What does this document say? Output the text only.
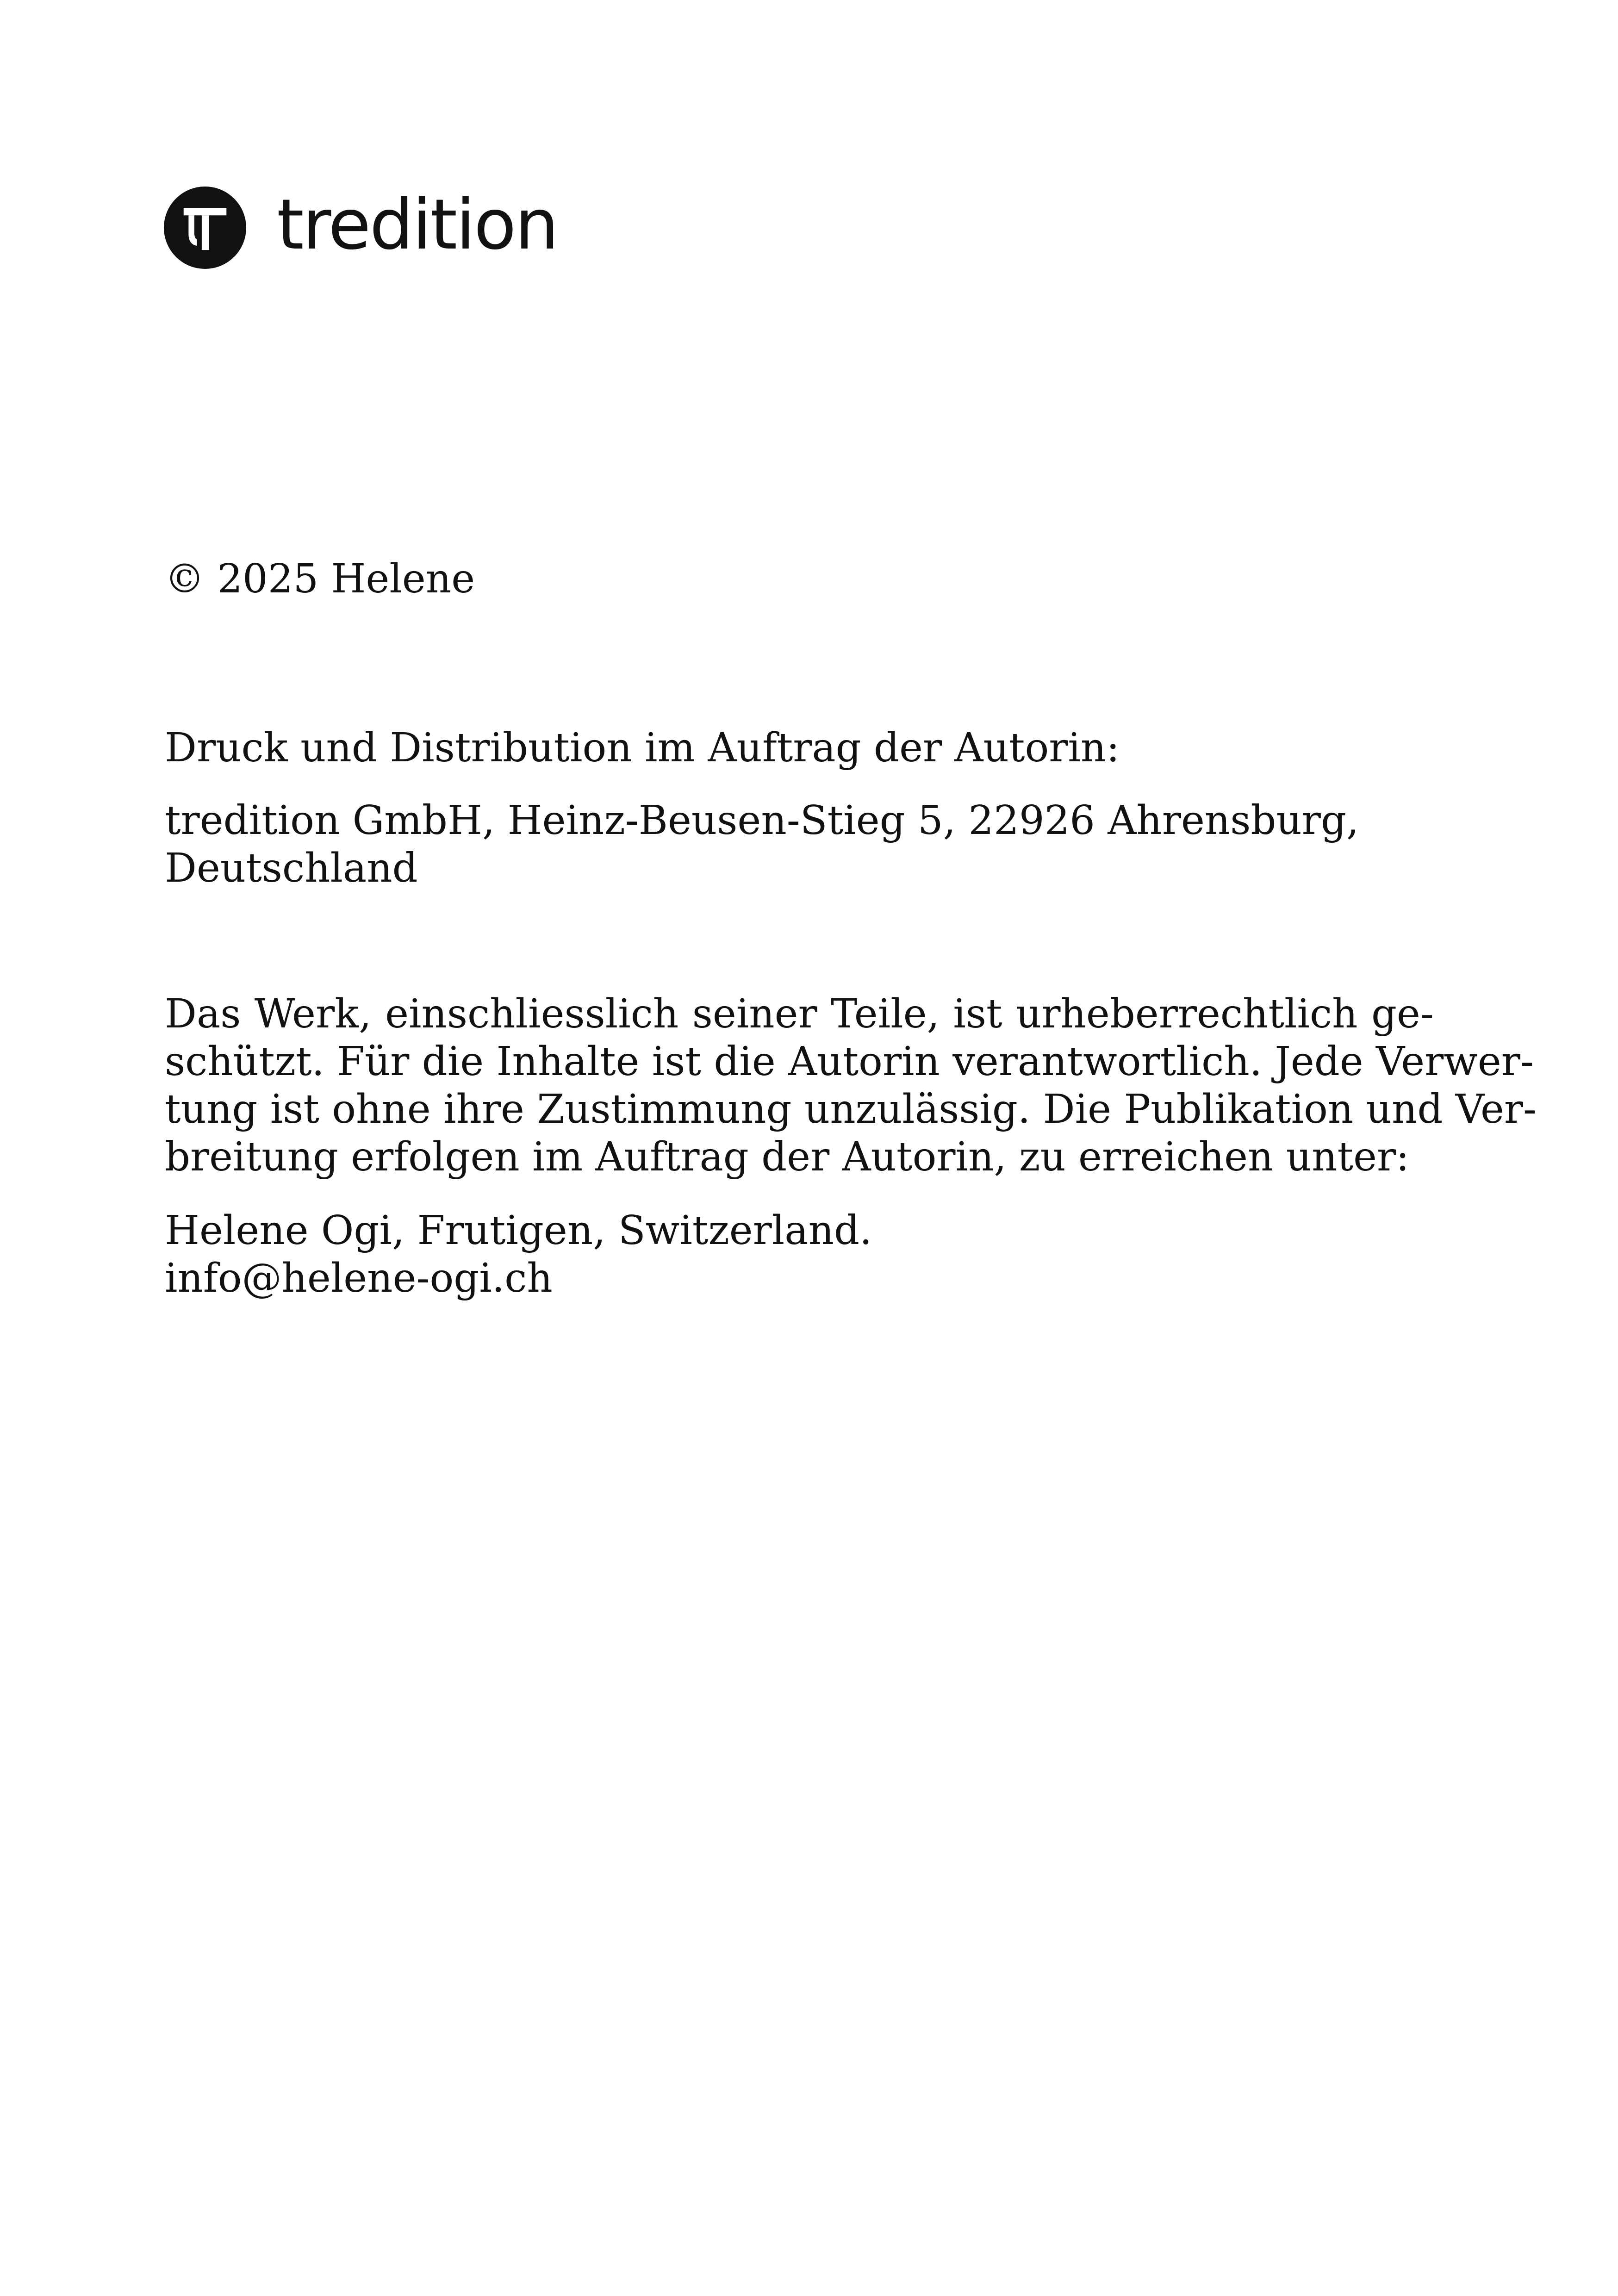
tredition

© 2025 Helene

Druck und Distribution im Auftrag der Autorin:

tredition GmbH, Heinz-Beusen-Stieg 5, 22926 Ahrensburg,
Deutschland

Das Werk, einschliesslich seiner Teile, ist urheberrechtlich ge-
schützt. Für die Inhalte ist die Autorin verantwortlich. Jede Verwer-
tung ist ohne ihre Zustimmung unzulässig. Die Publikation und Ver-
breitung erfolgen im Auftrag der Autorin, zu erreichen unter:

Helene Ogi, Frutigen, Switzerland.
info@helene-ogi.ch
